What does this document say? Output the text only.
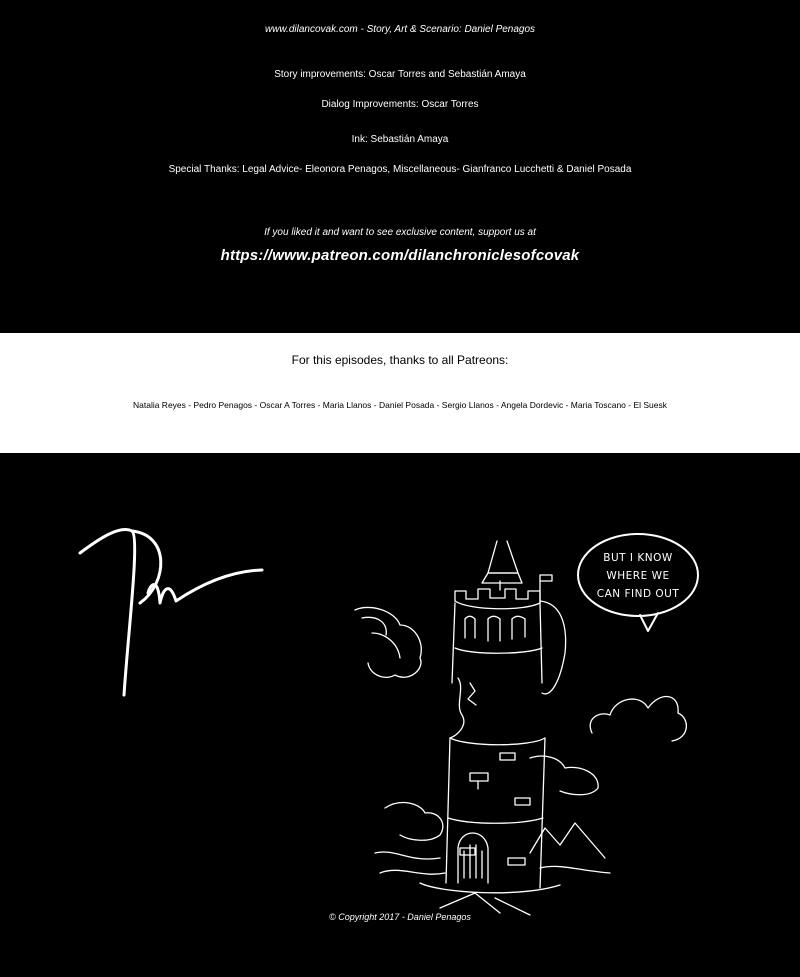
www.dilancovak.com - Story, Art & Scenario: Daniel Penagos
Story improvements: Oscar Torres and Sebastián Amaya
Dialog Improvements: Oscar Torres
Ink: Sebastián Amaya
Special Thanks: Legal Advice- Eleonora Penagos, Miscellaneous- Gianfranco Lucchetti & Daniel Posada
If you liked it and want to see exclusive content, support us at
https://www.patreon.com/dilanchroniclesofcovak
For this episodes, thanks to all Patreons:
Natalia Reyes - Pedro Penagos - Oscar A Torres - Maria Llanos - Daniel Posada - Sergio Llanos - Angela Dordevic - Maria Toscano - El Suesk
BUT I KNOW
WHERE WE
CAN FIND OUT
© Copyright 2017 - Daniel Penagos
